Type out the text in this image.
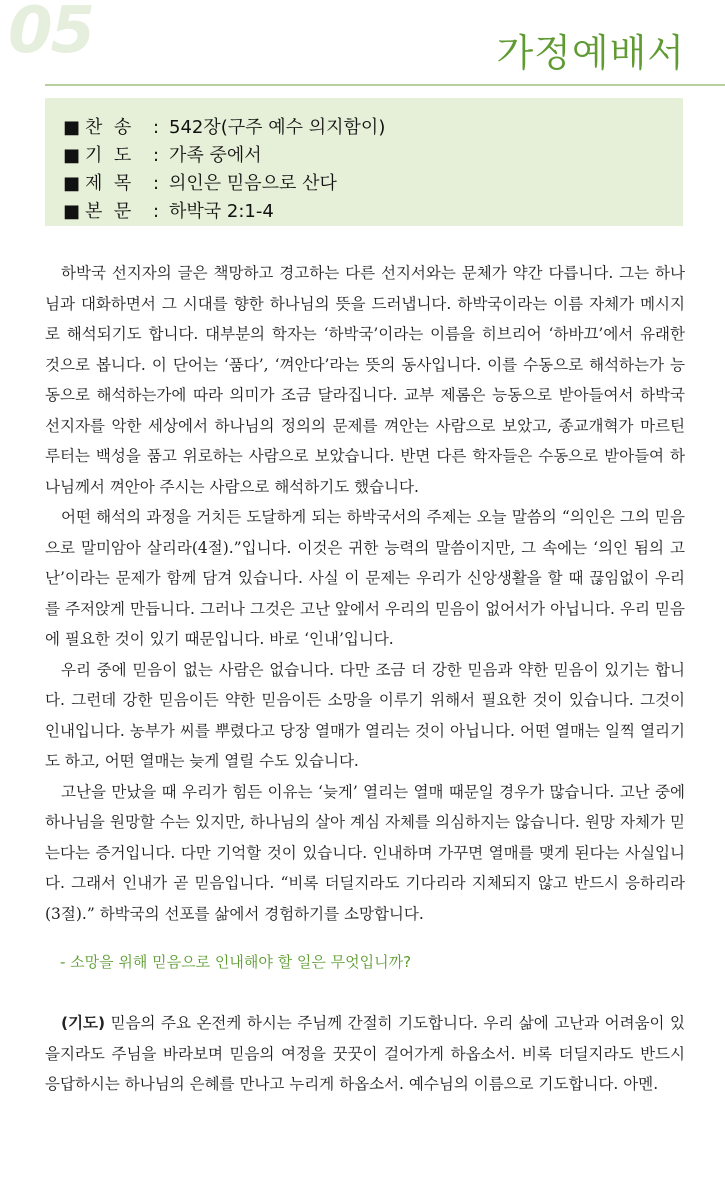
05	가정예배서
■ 찬  송 : 542장(구주 예수 의지함이)
■ 기  도 : 가족 중에서
■ 제  목 : 의인은 믿음으로 산다
■ 본  문 : 하박국 2:1-4

하박국 선지자의 글은 책망하고 경고하는 다른 선지서와는 문체가 약간 다릅니다. 그는 하나님과 대화하면서 그 시대를 향한 하나님의 뜻을 드러냅니다. 하박국이라는 이름 자체가 메시지로 해석되기도 합니다. 대부분의 학자는 ‘하박국’이라는 이름을 히브리어 ‘하바끄’에서 유래한 것으로 봅니다. 이 단어는 ‘품다’, ‘껴안다’라는 뜻의 동사입니다. 이를 수동으로 해석하는가 능동으로 해석하는가에 따라 의미가 조금 달라집니다. 교부 제롬은 능동으로 받아들여서 하박국 선지자를 악한 세상에서 하나님의 정의의 문제를 껴안는 사람으로 보았고, 종교개혁가 마르틴 루터는 백성을 품고 위로하는 사람으로 보았습니다. 반면 다른 학자들은 수동으로 받아들여 하나님께서 껴안아 주시는 사람으로 해석하기도 했습니다.

어떤 해석의 과정을 거치든 도달하게 되는 하박국서의 주제는 오늘 말씀의 “의인은 그의 믿음으로 말미암아 살리라(4절).”입니다. 이것은 귀한 능력의 말씀이지만, 그 속에는 ‘의인 됨의 고난’이라는 문제가 함께 담겨 있습니다. 사실 이 문제는 우리가 신앙생활을 할 때 끊임없이 우리를 주저앉게 만듭니다. 그러나 그것은 고난 앞에서 우리의 믿음이 없어서가 아닙니다. 우리 믿음에 필요한 것이 있기 때문입니다. 바로 ‘인내’입니다.

우리 중에 믿음이 없는 사람은 없습니다. 다만 조금 더 강한 믿음과 약한 믿음이 있기는 합니다. 그런데 강한 믿음이든 약한 믿음이든 소망을 이루기 위해서 필요한 것이 있습니다. 그것이 인내입니다. 농부가 씨를 뿌렸다고 당장 열매가 열리는 것이 아닙니다. 어떤 열매는 일찍 열리기도 하고, 어떤 열매는 늦게 열릴 수도 있습니다.

고난을 만났을 때 우리가 힘든 이유는 ‘늦게’ 열리는 열매 때문일 경우가 많습니다. 고난 중에 하나님을 원망할 수는 있지만, 하나님의 살아 계심 자체를 의심하지는 않습니다. 원망 자체가 믿는다는 증거입니다. 다만 기억할 것이 있습니다. 인내하며 가꾸면 열매를 맺게 된다는 사실입니다. 그래서 인내가 곧 믿음입니다. “비록 더딜지라도 기다리라 지체되지 않고 반드시 응하리라(3절).” 하박국의 선포를 삶에서 경험하기를 소망합니다.

- 소망을 위해 믿음으로 인내해야 할 일은 무엇입니까?

(기도) 믿음의 주요 온전케 하시는 주님께 간절히 기도합니다. 우리 삶에 고난과 어려움이 있을지라도 주님을 바라보며 믿음의 여정을 꿋꿋이 걸어가게 하옵소서. 비록 더딜지라도 반드시 응답하시는 하나님의 은혜를 만나고 누리게 하옵소서. 예수님의 이름으로 기도합니다. 아멘.
